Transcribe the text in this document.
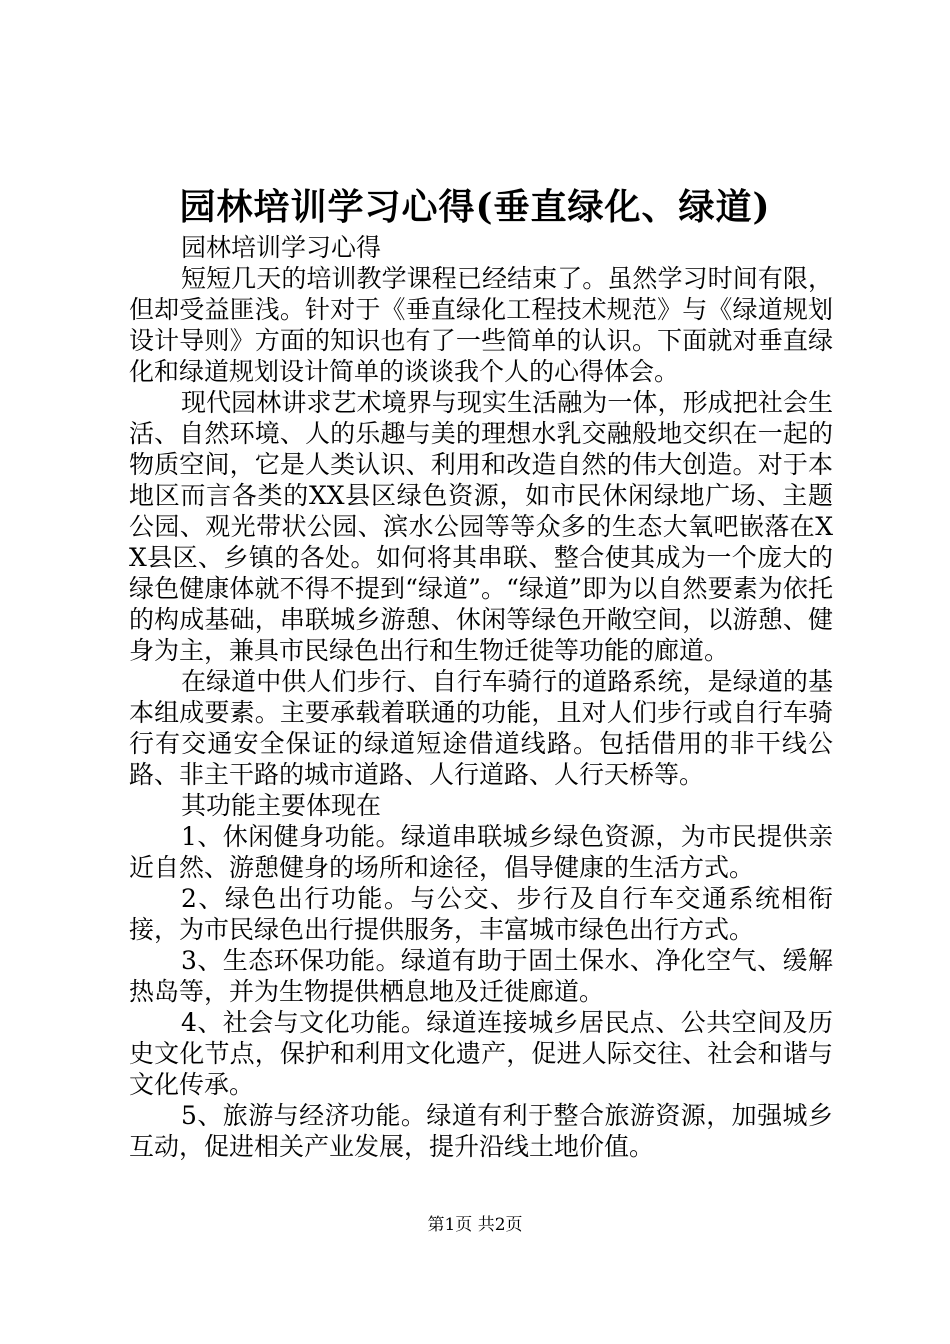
园林培训学习心得(垂直绿化、绿道)

园林培训学习心得

短短几天的培训教学课程已经结束了。虽然学习时间有限，但却受益匪浅。针对于《垂直绿化工程技术规范》与《绿道规划设计导则》方面的知识也有了一些简单的认识。下面就对垂直绿化和绿道规划设计简单的谈谈我个人的心得体会。

现代园林讲求艺术境界与现实生活融为一体，形成把社会生活、自然环境、人的乐趣与美的理想水乳交融般地交织在一起的物质空间，它是人类认识、利用和改造自然的伟大创造。对于本地区而言各类的XX县区绿色资源，如市民休闲绿地广场、主题公园、观光带状公园、滨水公园等等众多的生态大氧吧嵌落在XX县区、乡镇的各处。如何将其串联、整合使其成为一个庞大的绿色健康体就不得不提到“绿道”。“绿道”即为以自然要素为依托的构成基础，串联城乡游憩、休闲等绿色开敞空间，以游憩、健身为主，兼具市民绿色出行和生物迁徙等功能的廊道。

在绿道中供人们步行、自行车骑行的道路系统，是绿道的基本组成要素。主要承载着联通的功能，且对人们步行或自行车骑行有交通安全保证的绿道短途借道线路。包括借用的非干线公路、非主干路的城市道路、人行道路、人行天桥等。

其功能主要体现在

1、休闲健身功能。绿道串联城乡绿色资源，为市民提供亲近自然、游憩健身的场所和途径，倡导健康的生活方式。

2、绿色出行功能。与公交、步行及自行车交通系统相衔接，为市民绿色出行提供服务，丰富城市绿色出行方式。

3、生态环保功能。绿道有助于固土保水、净化空气、缓解热岛等，并为生物提供栖息地及迁徙廊道。

4、社会与文化功能。绿道连接城乡居民点、公共空间及历史文化节点，保护和利用文化遗产，促进人际交往、社会和谐与文化传承。

5、旅游与经济功能。绿道有利于整合旅游资源，加强城乡互动，促进相关产业发展，提升沿线土地价值。

第1页 共2页
